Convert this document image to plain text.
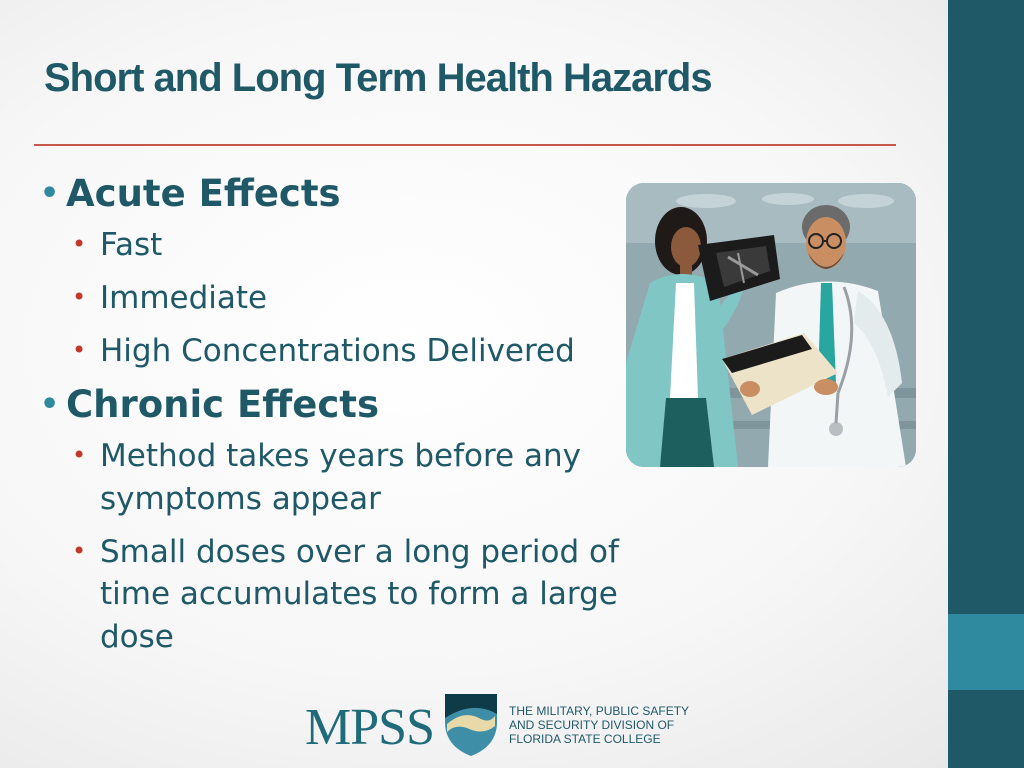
Short and Long Term Health Hazards
• Acute Effects
• Fast
• Immediate
• High Concentrations Delivered
• Chronic Effects
• Method takes years before any symptoms appear
• Small doses over a long period of time accumulates to form a large dose
MPSS	THE MILITARY, PUBLIC SAFETY
AND SECURITY DIVISION OF
FLORIDA STATE COLLEGE
